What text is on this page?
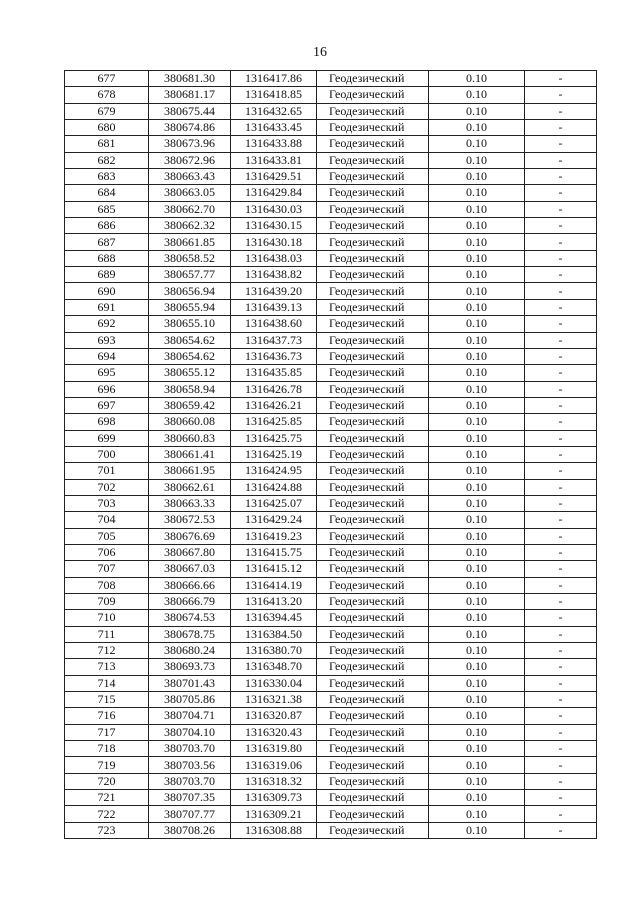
16
677	380681.30	1316417.86	Геодезический	0.10	-
678	380681.17	1316418.85	Геодезический	0.10	-
679	380675.44	1316432.65	Геодезический	0.10	-
680	380674.86	1316433.45	Геодезический	0.10	-
681	380673.96	1316433.88	Геодезический	0.10	-
682	380672.96	1316433.81	Геодезический	0.10	-
683	380663.43	1316429.51	Геодезический	0.10	-
684	380663.05	1316429.84	Геодезический	0.10	-
685	380662.70	1316430.03	Геодезический	0.10	-
686	380662.32	1316430.15	Геодезический	0.10	-
687	380661.85	1316430.18	Геодезический	0.10	-
688	380658.52	1316438.03	Геодезический	0.10	-
689	380657.77	1316438.82	Геодезический	0.10	-
690	380656.94	1316439.20	Геодезический	0.10	-
691	380655.94	1316439.13	Геодезический	0.10	-
692	380655.10	1316438.60	Геодезический	0.10	-
693	380654.62	1316437.73	Геодезический	0.10	-
694	380654.62	1316436.73	Геодезический	0.10	-
695	380655.12	1316435.85	Геодезический	0.10	-
696	380658.94	1316426.78	Геодезический	0.10	-
697	380659.42	1316426.21	Геодезический	0.10	-
698	380660.08	1316425.85	Геодезический	0.10	-
699	380660.83	1316425.75	Геодезический	0.10	-
700	380661.41	1316425.19	Геодезический	0.10	-
701	380661.95	1316424.95	Геодезический	0.10	-
702	380662.61	1316424.88	Геодезический	0.10	-
703	380663.33	1316425.07	Геодезический	0.10	-
704	380672.53	1316429.24	Геодезический	0.10	-
705	380676.69	1316419.23	Геодезический	0.10	-
706	380667.80	1316415.75	Геодезический	0.10	-
707	380667.03	1316415.12	Геодезический	0.10	-
708	380666.66	1316414.19	Геодезический	0.10	-
709	380666.79	1316413.20	Геодезический	0.10	-
710	380674.53	1316394.45	Геодезический	0.10	-
711	380678.75	1316384.50	Геодезический	0.10	-
712	380680.24	1316380.70	Геодезический	0.10	-
713	380693.73	1316348.70	Геодезический	0.10	-
714	380701.43	1316330.04	Геодезический	0.10	-
715	380705.86	1316321.38	Геодезический	0.10	-
716	380704.71	1316320.87	Геодезический	0.10	-
717	380704.10	1316320.43	Геодезический	0.10	-
718	380703.70	1316319.80	Геодезический	0.10	-
719	380703.56	1316319.06	Геодезический	0.10	-
720	380703.70	1316318.32	Геодезический	0.10	-
721	380707.35	1316309.73	Геодезический	0.10	-
722	380707.77	1316309.21	Геодезический	0.10	-
723	380708.26	1316308.88	Геодезический	0.10	-
